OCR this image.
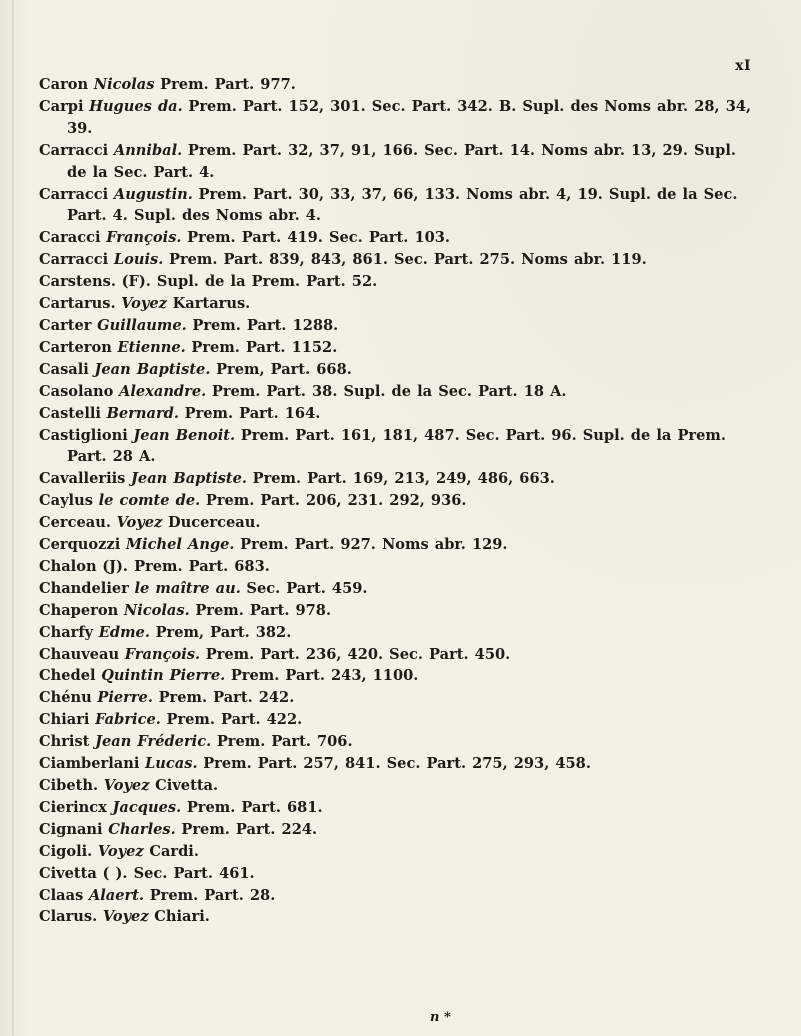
xI
Caron Nicolas Prem. Part. 977.
Carpi Hugues da. Prem. Part. 152, 301. Sec. Part. 342. B. Supl. des Noms abr. 28, 34, 39.
Carracci Annibal. Prem. Part. 32, 37, 91, 166. Sec. Part. 14. Noms abr. 13, 29. Supl. de la Sec. Part. 4.
Carracci Augustin. Prem. Part. 30, 33, 37, 66, 133. Noms abr. 4, 19. Supl. de la Sec. Part. 4. Supl. des Noms abr. 4.
Caracci François. Prem. Part. 419. Sec. Part. 103.
Carracci Louis. Prem. Part. 839, 843, 861. Sec. Part. 275. Noms abr. 119.
Carstens. (F). Supl. de la Prem. Part. 52.
Cartarus. Voyez Kartarus.
Carter Guillaume. Prem. Part. 1288.
Carteron Etienne. Prem. Part. 1152.
Casali Jean Baptiste. Prem, Part. 668.
Casolano Alexandre. Prem. Part. 38. Supl. de la Sec. Part. 18 A.
Castelli Bernard. Prem. Part. 164.
Castiglioni Jean Benoit. Prem. Part. 161, 181, 487. Sec. Part. 96. Supl. de la Prem. Part. 28 A.
Cavalleriis Jean Baptiste. Prem. Part. 169, 213, 249, 486, 663.
Caylus le comte de. Prem. Part. 206, 231. 292, 936.
Cerceau. Voyez Ducerceau.
Cerquozzi Michel Ange. Prem. Part. 927. Noms abr. 129.
Chalon (J). Prem. Part. 683.
Chandelier le maître au. Sec. Part. 459.
Chaperon Nicolas. Prem. Part. 978.
Charfy Edme. Prem, Part. 382.
Chauveau François. Prem. Part. 236, 420. Sec. Part. 450.
Chedel Quintin Pierre. Prem. Part. 243, 1100.
Chénu Pierre. Prem. Part. 242.
Chiari Fabrice. Prem. Part. 422.
Christ Jean Fréderic. Prem. Part. 706.
Ciamberlani Lucas. Prem. Part. 257, 841. Sec. Part. 275, 293, 458.
Cibeth. Voyez Civetta.
Cierincx Jacques. Prem. Part. 681.
Cignani Charles. Prem. Part. 224.
Cigoli. Voyez Cardi.
Civetta ( ). Sec. Part. 461.
Claas Alaert. Prem. Part. 28.
Clarus. Voyez Chiari.
n *
